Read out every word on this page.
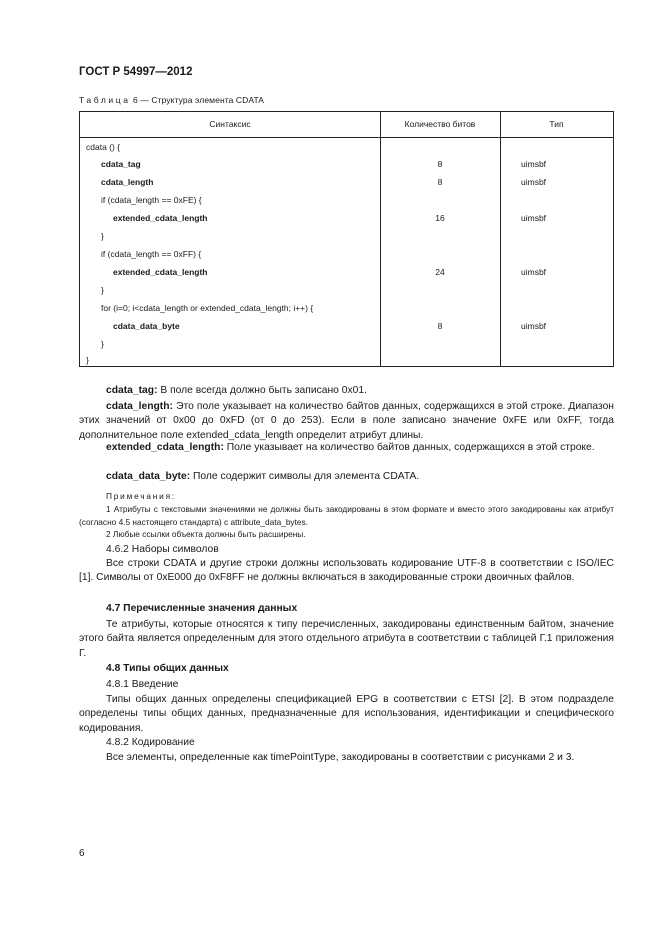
ГОСТ Р 54997—2012
Таблица 6 — Структура элемента CDATA
Синтаксис	Количество битов	Тип
cdata () {
cdata_tag	8	uimsbf
cdata_length	8	uimsbf
if (cdata_length == 0xFE) {
extended_cdata_length	16	uimsbf
}
if (cdata_length == 0xFF) {
extended_cdata_length	24	uimsbf
}
for (i=0; i<cdata_length or extended_cdata_length; i++) {
cdata_data_byte	8	uimsbf
}
}
cdata_tag: В поле всегда должно быть записано 0x01.
cdata_length: Это поле указывает на количество байтов данных, содержащихся в этой строке. Диапазон этих значений от 0x00 до 0xFD (от 0 до 253). Если в поле записано значение 0xFE или 0xFF, тогда дополнительное поле extended_cdata_length определит атрибут длины.
extended_cdata_length: Поле указывает на количество байтов данных, содержащихся в этой строке.
cdata_data_byte: Поле содержит символы для элемента CDATA.
Примечания:
1 Атрибуты с текстовыми значениями не должны быть закодированы в этом формате и вместо этого закодированы как атрибут (согласно 4.5 настоящего стандарта) с attribute_data_bytes.
2 Любые ссылки объекта должны быть расширены.
4.6.2 Наборы символов
Все строки CDATA и другие строки должны использовать кодирование UTF-8 в соответствии с ISO/IEC [1]. Символы от 0xE000 до 0xF8FF не должны включаться в закодированные строки двоичных файлов.
4.7 Перечисленные значения данных
Те атрибуты, которые относятся к типу перечисленных, закодированы единственным байтом, значение этого байта является определенным для этого отдельного атрибута в соответствии с таблицей Г.1 приложения Г.
4.8 Типы общих данных
4.8.1 Введение
Типы общих данных определены спецификацией EPG в соответствии с ETSI [2]. В этом подразделе определены типы общих данных, предназначенные для использования, идентификации и специфического кодирования.
4.8.2 Кодирование
Все элементы, определенные как timePointType, закодированы в соответствии с рисунками 2 и 3.
6
